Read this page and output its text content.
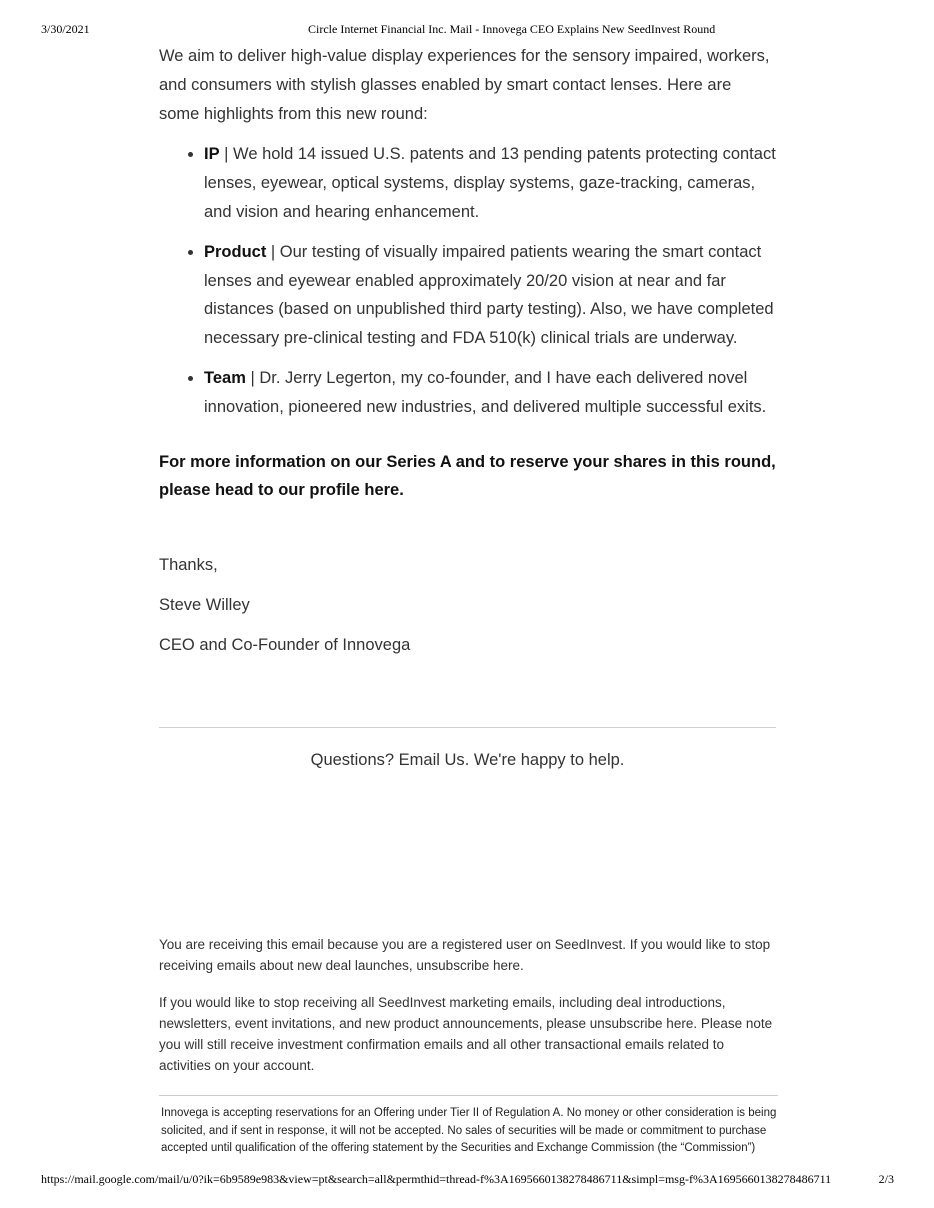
3/30/2021	Circle Internet Financial Inc. Mail - Innovega CEO Explains New SeedInvest Round

We aim to deliver high-value display experiences for the sensory impaired, workers, and consumers with stylish glasses enabled by smart contact lenses. Here are some highlights from this new round:

• IP | We hold 14 issued U.S. patents and 13 pending patents protecting contact lenses, eyewear, optical systems, display systems, gaze-tracking, cameras, and vision and hearing enhancement.
• Product | Our testing of visually impaired patients wearing the smart contact lenses and eyewear enabled approximately 20/20 vision at near and far distances (based on unpublished third party testing). Also, we have completed necessary pre-clinical testing and FDA 510(k) clinical trials are underway.
• Team | Dr. Jerry Legerton, my co-founder, and I have each delivered novel innovation, pioneered new industries, and delivered multiple successful exits.

For more information on our Series A and to reserve your shares in this round, please head to our profile here.

Thanks,

Steve Willey

CEO and Co-Founder of Innovega

Questions? Email Us. We're happy to help.
You are receiving this email because you are a registered user on SeedInvest. If you would like to stop receiving emails about new deal launches, unsubscribe here.
If you would like to stop receiving all SeedInvest marketing emails, including deal introductions, newsletters, event invitations, and new product announcements, please unsubscribe here. Please note you will still receive investment confirmation emails and all other transactional emails related to activities on your account.
Innovega is accepting reservations for an Offering under Tier II of Regulation A. No money or other consideration is being solicited, and if sent in response, it will not be accepted. No sales of securities will be made or commitment to purchase accepted until qualification of the offering statement by the Securities and Exchange Commission (the “Commission”)
https://mail.google.com/mail/u/0?ik=6b9589e983&view=pt&search=all&permthid=thread-f%3A1695660138278486711&simpl=msg-f%3A1695660138278486711	2/3
